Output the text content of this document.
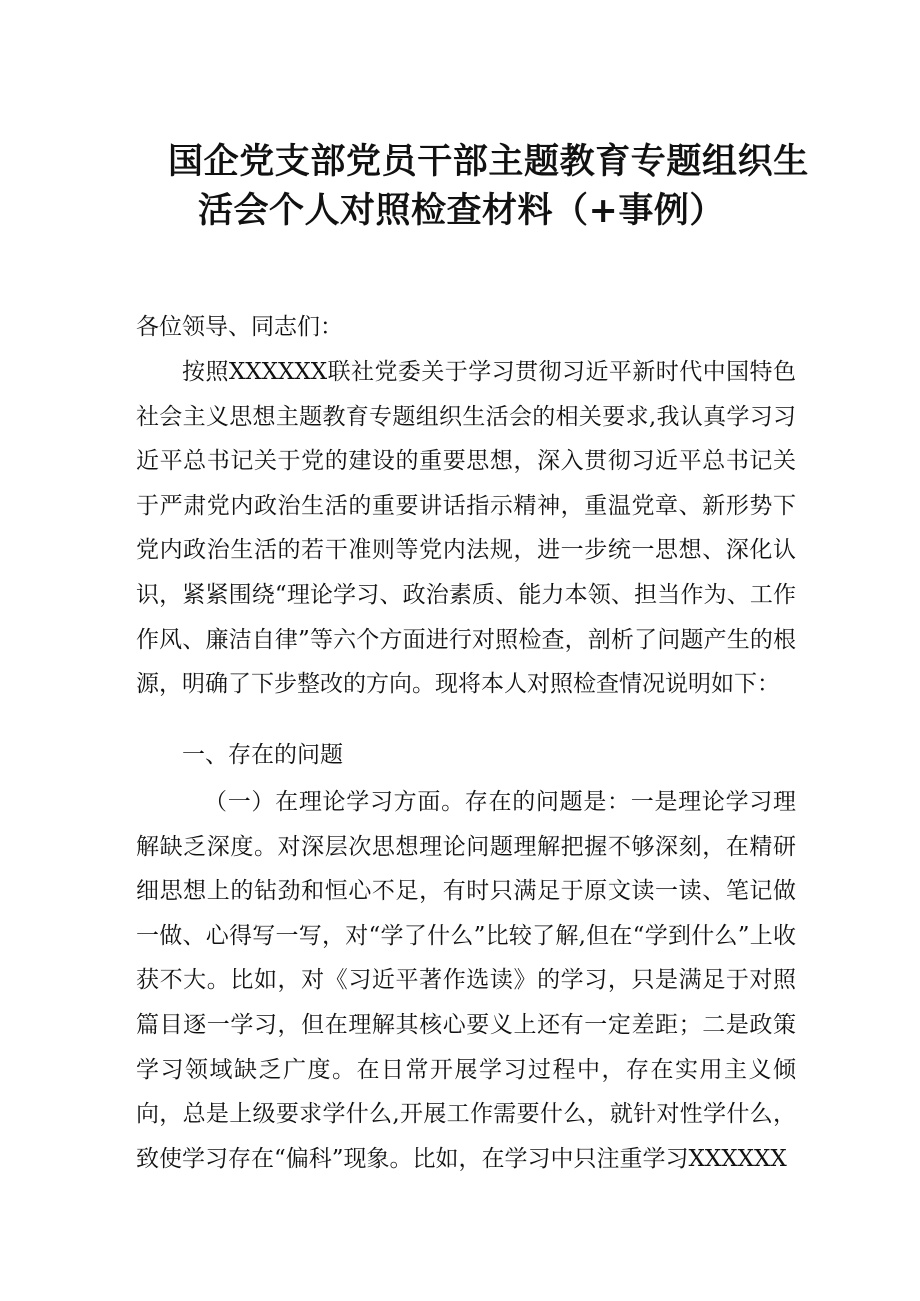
国企党支部党员干部主题教育专题组织生
活会个人对照检查材料（+事例）
各位领导、同志们：
按照XXXXXX联社党委关于学习贯彻习近平新时代中国特色社会主义思想主题教育专题组织生活会的相关要求,我认真学习习近平总书记关于党的建设的重要思想，深入贯彻习近平总书记关于严肃党内政治生活的重要讲话指示精神，重温党章、新形势下党内政治生活的若干准则等党内法规，进一步统一思想、深化认识，紧紧围绕“理论学习、政治素质、能力本领、担当作为、工作作风、廉洁自律”等六个方面进行对照检查，剖析了问题产生的根源，明确了下步整改的方向。现将本人对照检查情况说明如下：
一、存在的问题
（一）在理论学习方面。存在的问题是：一是理论学习理解缺乏深度。对深层次思想理论问题理解把握不够深刻，在精研细思想上的钻劲和恒心不足，有时只满足于原文读一读、笔记做一做、心得写一写，对“学了什么”比较了解,但在“学到什么”上收获不大。比如，对《习近平著作选读》的学习，只是满足于对照篇目逐一学习，但在理解其核心要义上还有一定差距；二是政策学习领域缺乏广度。在日常开展学习过程中，存在实用主义倾向，总是上级要求学什么,开展工作需要什么，就针对性学什么，致使学习存在“偏科”现象。比如，在学习中只注重学习XXXXXX
